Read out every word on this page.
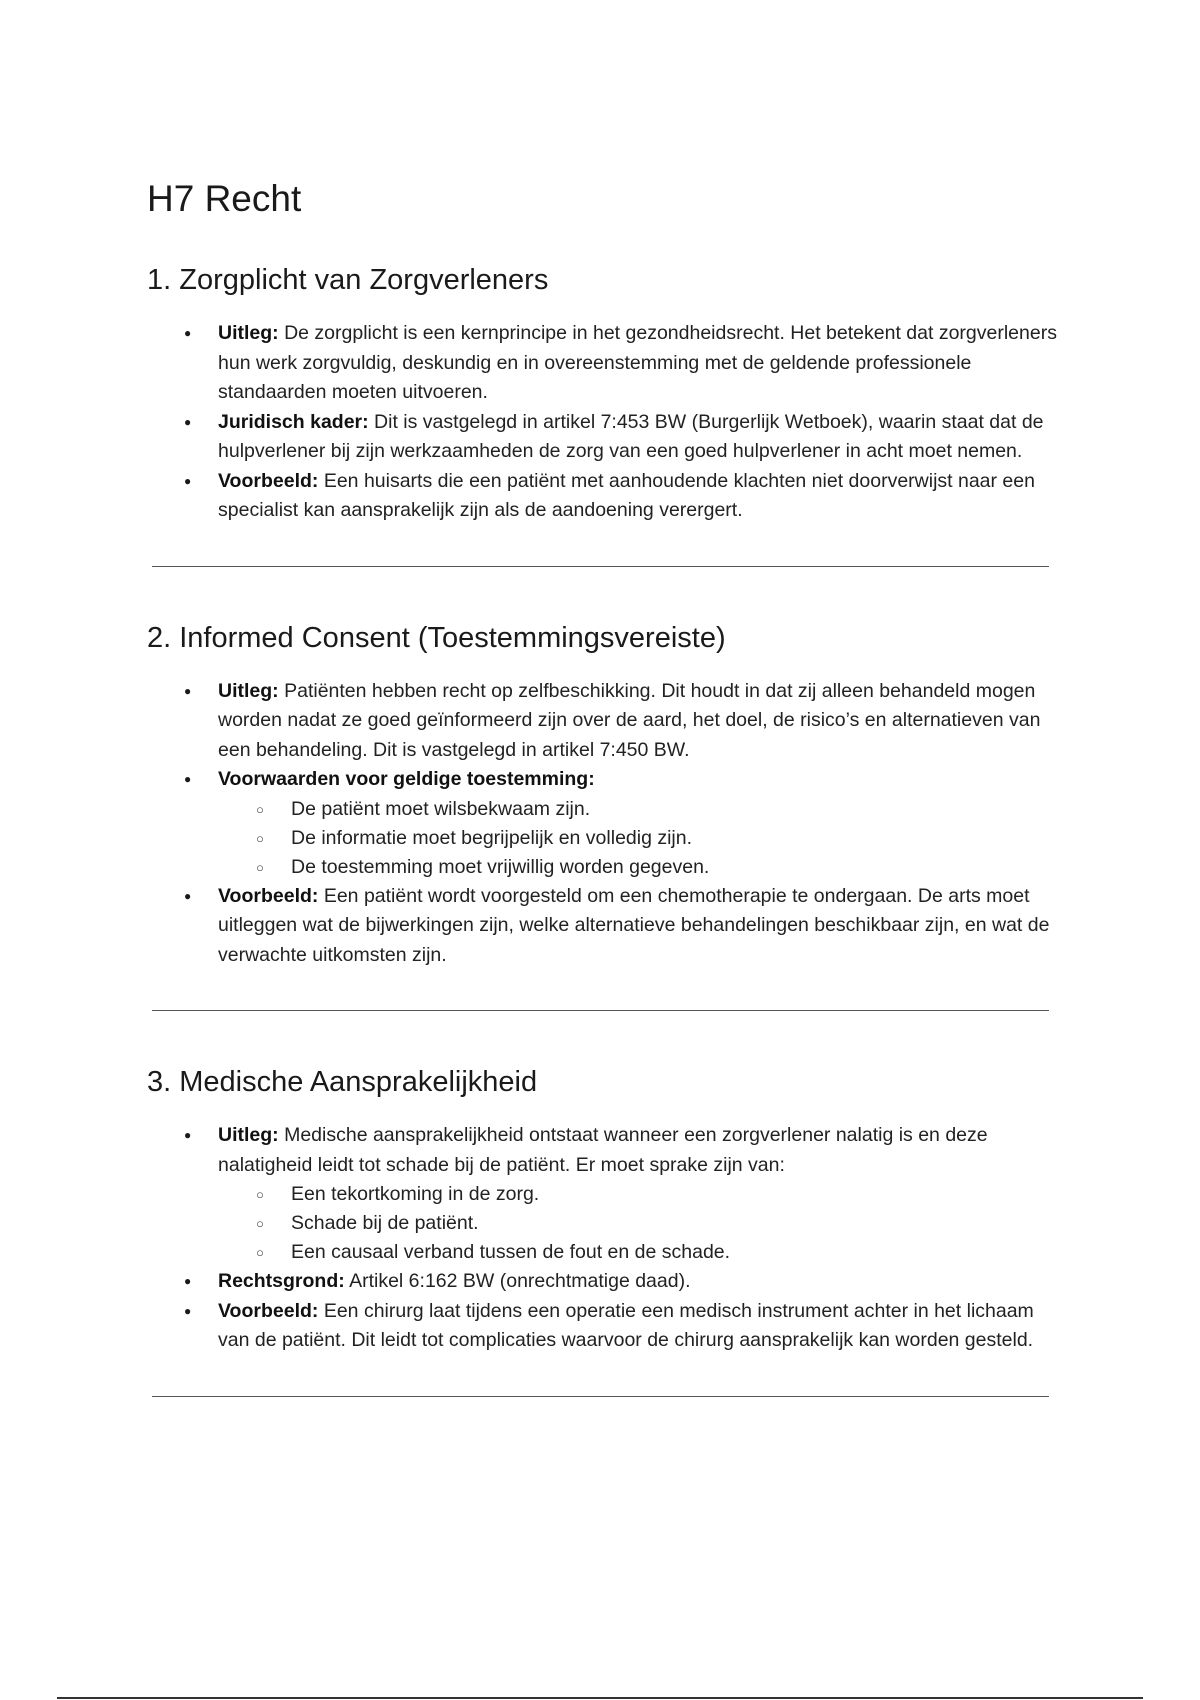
H7 Recht
1. Zorgplicht van Zorgverleners
● Uitleg: De zorgplicht is een kernprincipe in het gezondheidsrecht. Het betekent dat zorgverleners hun werk zorgvuldig, deskundig en in overeenstemming met de geldende professionele standaarden moeten uitvoeren.
● Juridisch kader: Dit is vastgelegd in artikel 7:453 BW (Burgerlijk Wetboek), waarin staat dat de hulpverlener bij zijn werkzaamheden de zorg van een goed hulpverlener in acht moet nemen.
● Voorbeeld: Een huisarts die een patiënt met aanhoudende klachten niet doorverwijst naar een specialist kan aansprakelijk zijn als de aandoening verergert.
2. Informed Consent (Toestemmingsvereiste)
● Uitleg: Patiënten hebben recht op zelfbeschikking. Dit houdt in dat zij alleen behandeld mogen worden nadat ze goed geïnformeerd zijn over de aard, het doel, de risico’s en alternatieven van een behandeling. Dit is vastgelegd in artikel 7:450 BW.
● Voorwaarden voor geldige toestemming:
○ De patiënt moet wilsbekwaam zijn.
○ De informatie moet begrijpelijk en volledig zijn.
○ De toestemming moet vrijwillig worden gegeven.
● Voorbeeld: Een patiënt wordt voorgesteld om een chemotherapie te ondergaan. De arts moet uitleggen wat de bijwerkingen zijn, welke alternatieve behandelingen beschikbaar zijn, en wat de verwachte uitkomsten zijn.
3. Medische Aansprakelijkheid
● Uitleg: Medische aansprakelijkheid ontstaat wanneer een zorgverlener nalatig is en deze nalatigheid leidt tot schade bij de patiënt. Er moet sprake zijn van:
○ Een tekortkoming in de zorg.
○ Schade bij de patiënt.
○ Een causaal verband tussen de fout en de schade.
● Rechtsgrond: Artikel 6:162 BW (onrechtmatige daad).
● Voorbeeld: Een chirurg laat tijdens een operatie een medisch instrument achter in het lichaam van de patiënt. Dit leidt tot complicaties waarvoor de chirurg aansprakelijk kan worden gesteld.
